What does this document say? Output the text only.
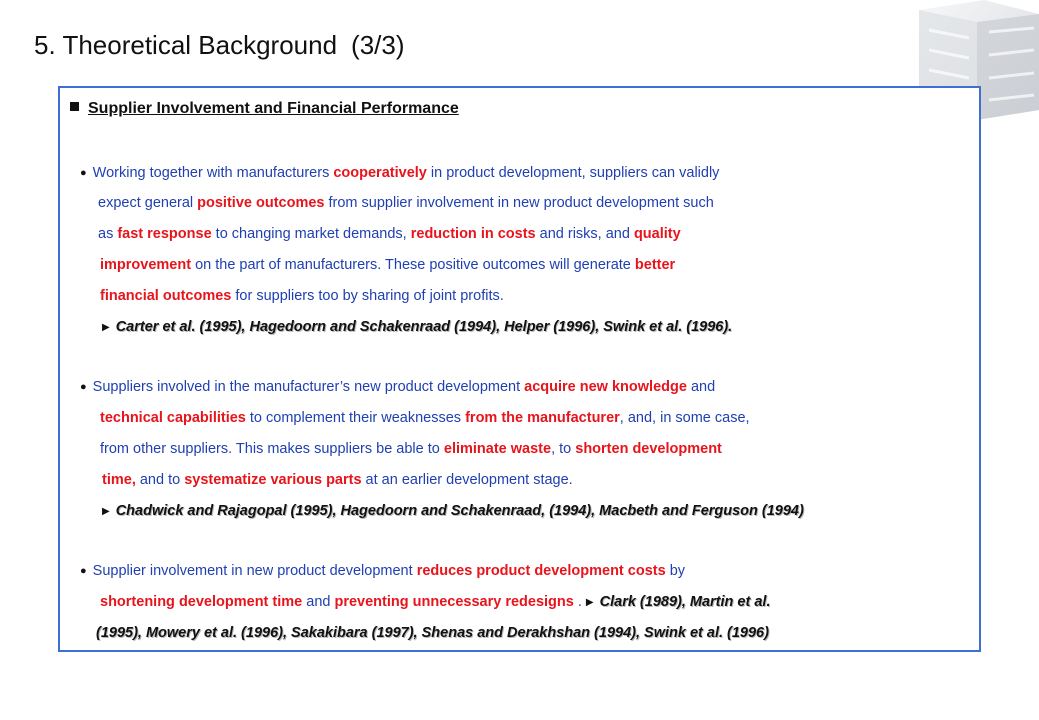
5. Theoretical Background (3/3)
Supplier Involvement and Financial Performance
● Working together with manufacturers cooperatively in product development, suppliers can validly
expect general positive outcomes from supplier involvement in new product development such
as fast response to changing market demands, reduction in costs and risks, and quality
improvement on the part of manufacturers. These positive outcomes will generate better
financial outcomes for suppliers too by sharing of joint profits.
▶ Carter et al. (1995), Hagedoorn and Schakenraad (1994), Helper (1996), Swink et al. (1996).
● Suppliers involved in the manufacturer’s new product development acquire new knowledge and
technical capabilities to complement their weaknesses from the manufacturer, and, in some case,
from other suppliers. This makes suppliers be able to eliminate waste, to shorten development
time, and to systematize various parts at an earlier development stage.
▶ Chadwick and Rajagopal (1995), Hagedoorn and Schakenraad, (1994), Macbeth and Ferguson (1994)
● Supplier involvement in new product development reduces product development costs by
shortening development time and preventing unnecessary redesigns . ▶ Clark (1989), Martin et al.
(1995), Mowery et al. (1996), Sakakibara (1997), Shenas and Derakhshan (1994), Swink et al. (1996)
